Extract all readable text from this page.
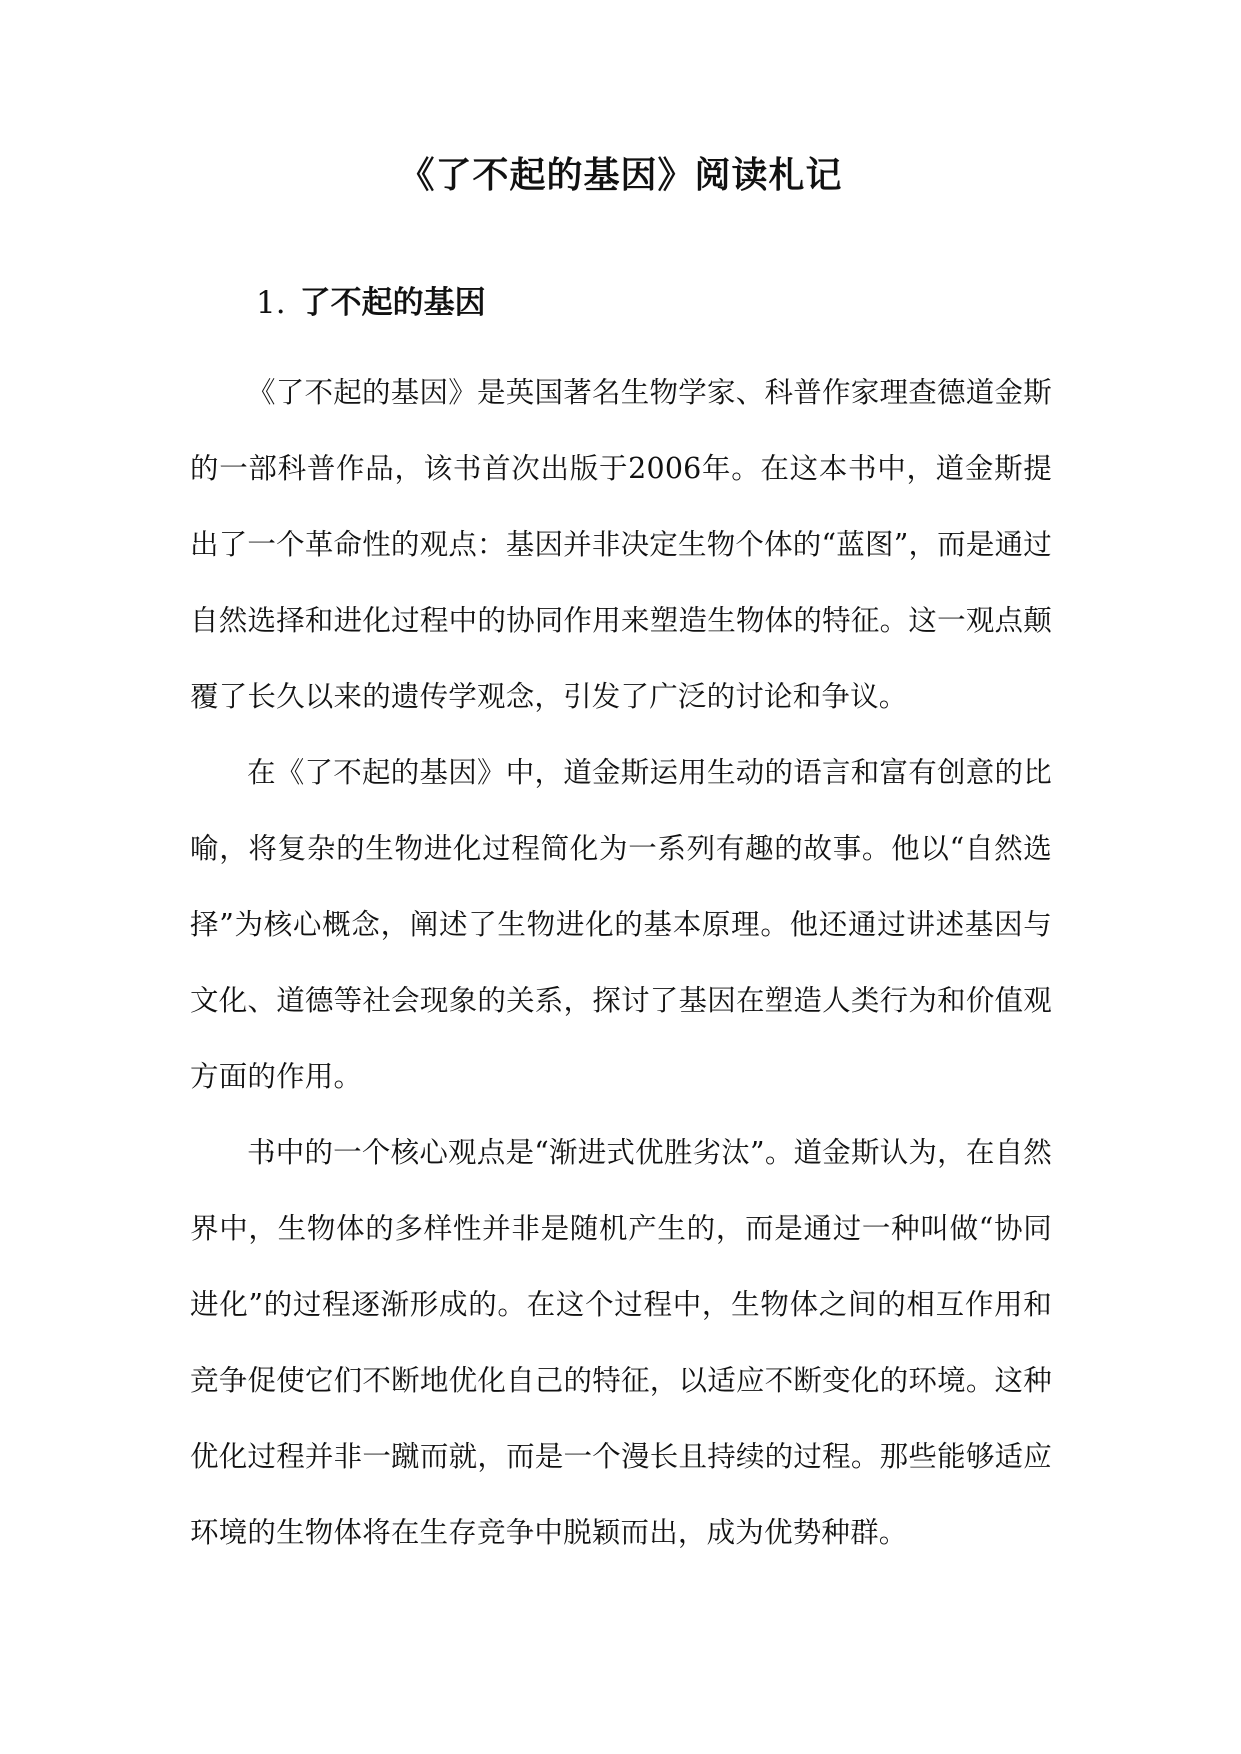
《了不起的基因》阅读札记
1. 了不起的基因

《了不起的基因》是英国著名生物学家、科普作家理查德道金斯的一部科普作品，该书首次出版于2006年。在这本书中，道金斯提出了一个革命性的观点：基因并非决定生物个体的“蓝图”，而是通过自然选择和进化过程中的协同作用来塑造生物体的特征。这一观点颠覆了长久以来的遗传学观念，引发了广泛的讨论和争议。

在《了不起的基因》中，道金斯运用生动的语言和富有创意的比喻，将复杂的生物进化过程简化为一系列有趣的故事。他以“自然选择”为核心概念，阐述了生物进化的基本原理。他还通过讲述基因与文化、道德等社会现象的关系，探讨了基因在塑造人类行为和价值观方面的作用。

书中的一个核心观点是“渐进式优胜劣汰”。道金斯认为，在自然界中，生物体的多样性并非是随机产生的，而是通过一种叫做“协同进化”的过程逐渐形成的。在这个过程中，生物体之间的相互作用和竞争促使它们不断地优化自己的特征，以适应不断变化的环境。这种优化过程并非一蹴而就，而是一个漫长且持续的过程。那些能够适应环境的生物体将在生存竞争中脱颖而出，成为优势种群。
